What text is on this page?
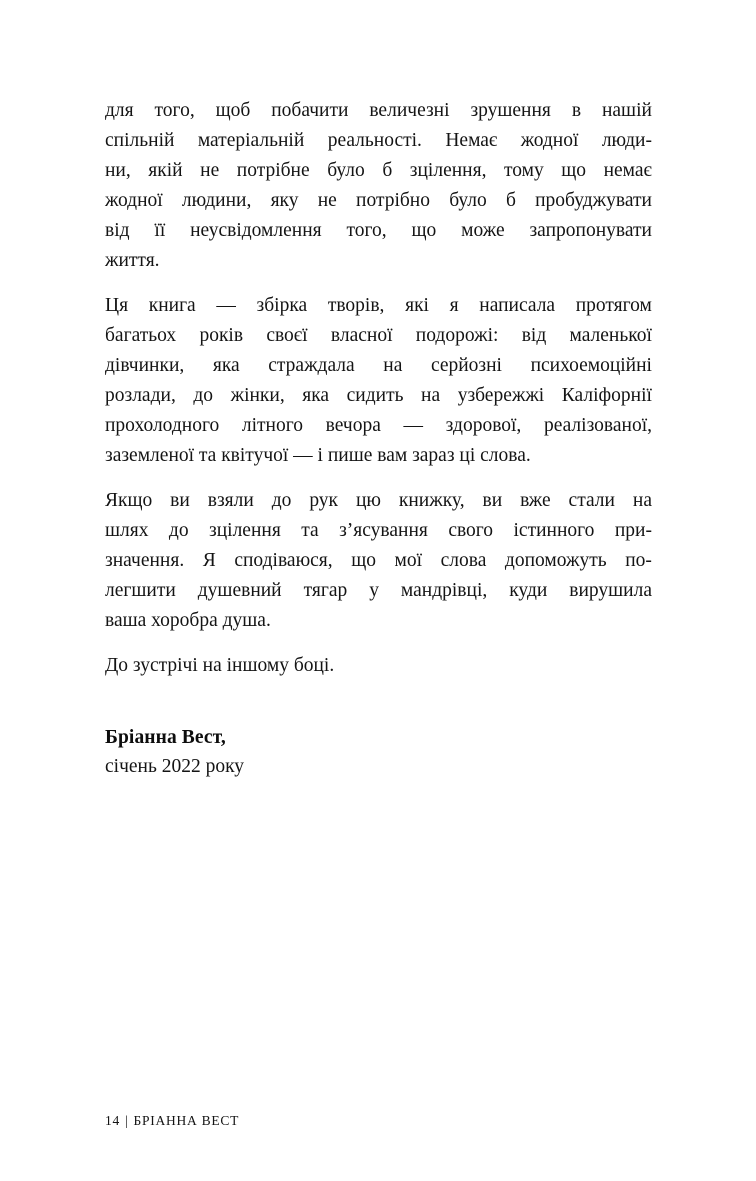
для того, щоб побачити величезні зрушення в нашій
спільній матеріальній реальності. Немає жодної люди-
ни, якій не потрібне було б зцілення, тому що немає
жодної людини, яку не потрібно було б пробуджувати
від її неусвідомлення того, що може запропонувати
життя.
Ця книга — збірка творів, які я написала протягом
багатьох років своєї власної подорожі: від маленької
дівчинки, яка страждала на серйозні психоемоційні
розлади, до жінки, яка сидить на узбережжі Каліфорнії
прохолодного літного вечора — здорової, реалізованої,
заземленої та квітучої — і пише вам зараз ці слова.
Якщо ви взяли до рук цю книжку, ви вже стали на
шлях до зцілення та з’ясування свого істинного при-
значення. Я сподіваюся, що мої слова допоможуть по-
легшити душевний тягар у мандрівці, куди вирушила
ваша хоробра душа.
До зустрічі на іншому боці.
Бріанна Вест,
січень 2022 року
14 | БРІАННА ВЕСТ
